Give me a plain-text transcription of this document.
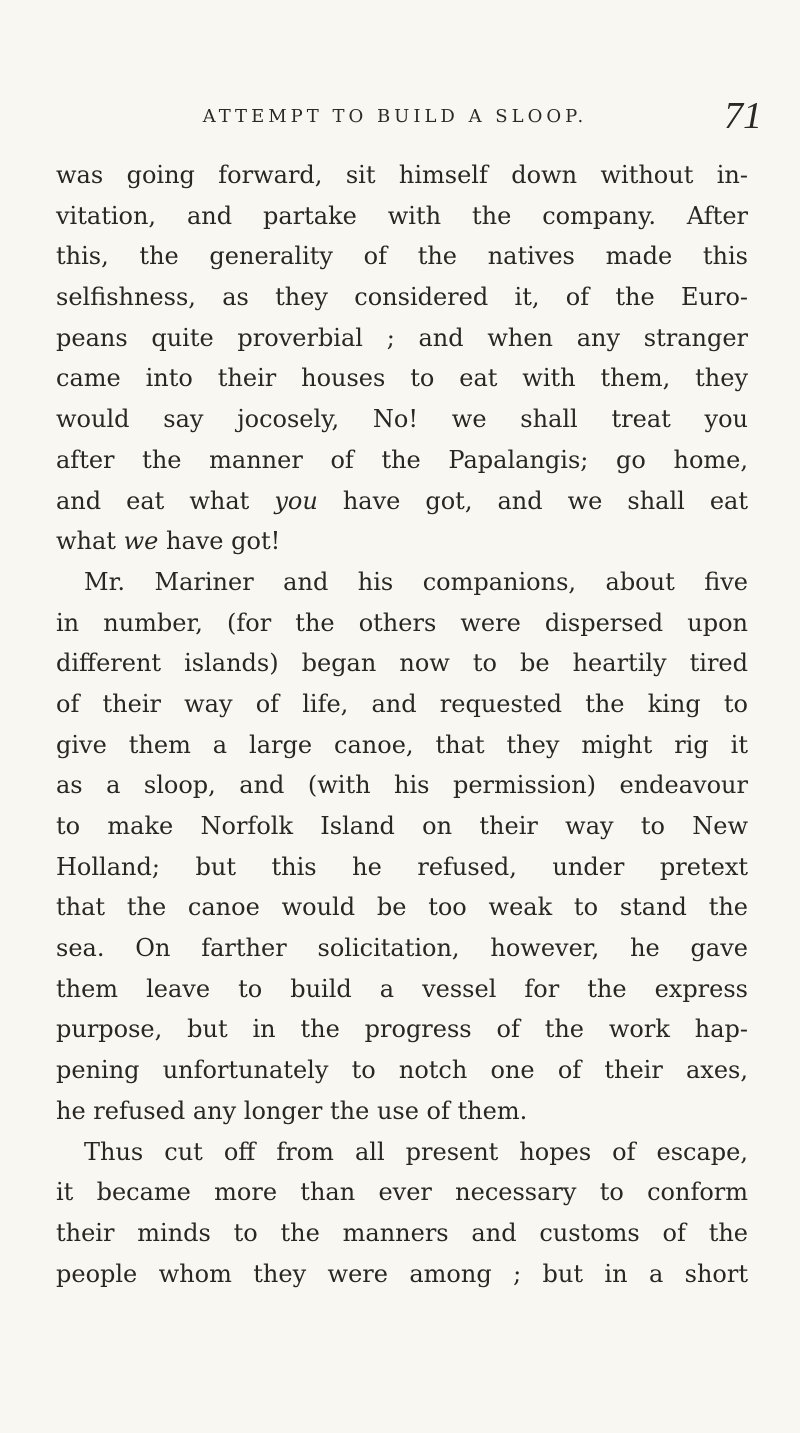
ATTEMPT TO BUILD A SLOOP.	71
was going forward, sit himself down without in-
vitation, and partake with the company. After
this, the generality of the natives made this
selfishness, as they considered it, of the Euro-
peans quite proverbial ; and when any stranger
came into their houses to eat with them, they
would say jocosely, No! we shall treat you
after the manner of the Papalangis; go home,
and eat what you have got, and we shall eat
what we have got!
Mr. Mariner and his companions, about five
in number, (for the others were dispersed upon
different islands) began now to be heartily tired
of their way of life, and requested the king to
give them a large canoe, that they might rig it
as a sloop, and (with his permission) endeavour
to make Norfolk Island on their way to New
Holland; but this he refused, under pretext
that the canoe would be too weak to stand the
sea. On farther solicitation, however, he gave
them leave to build a vessel for the express
purpose, but in the progress of the work hap-
pening unfortunately to notch one of their axes,
he refused any longer the use of them.
Thus cut off from all present hopes of escape,
it became more than ever necessary to conform
their minds to the manners and customs of the
people whom they were among ; but in a short
